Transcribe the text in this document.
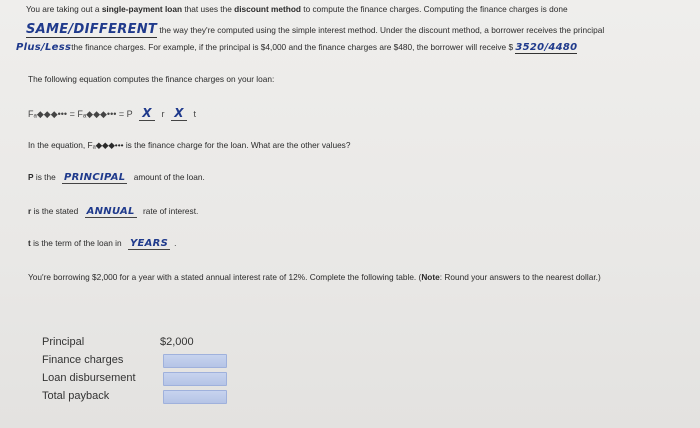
You are taking out a single-payment loan that uses the discount method to compute the finance charges. Computing the finance charges is done
SAME/DIFFERENT the way they're computed using the simple interest method. Under the discount method, a borrower receives the principal
Plus/Lessthe finance charges. For example, if the principal is $4,000 and the finance charges are $480, the borrower will receive $ 3520/4480
The following equation computes the finance charges on your loan:
Fₐ◆◆◆••• = Fₐ◆◆◆••• = P X r X t
In the equation, Fₐ◆◆◆••• is the finance charge for the loan. What are the other values?
P is the PRINCIPAL amount of the loan.
r is the stated ANNUAL rate of interest.
t is the term of the loan in YEARS .
You're borrowing $2,000 for a year with a stated annual interest rate of 12%. Complete the following table. (Note: Round your answers to the nearest dollar.)
Principal	$2,000
Finance charges
Loan disbursement
Total payback
